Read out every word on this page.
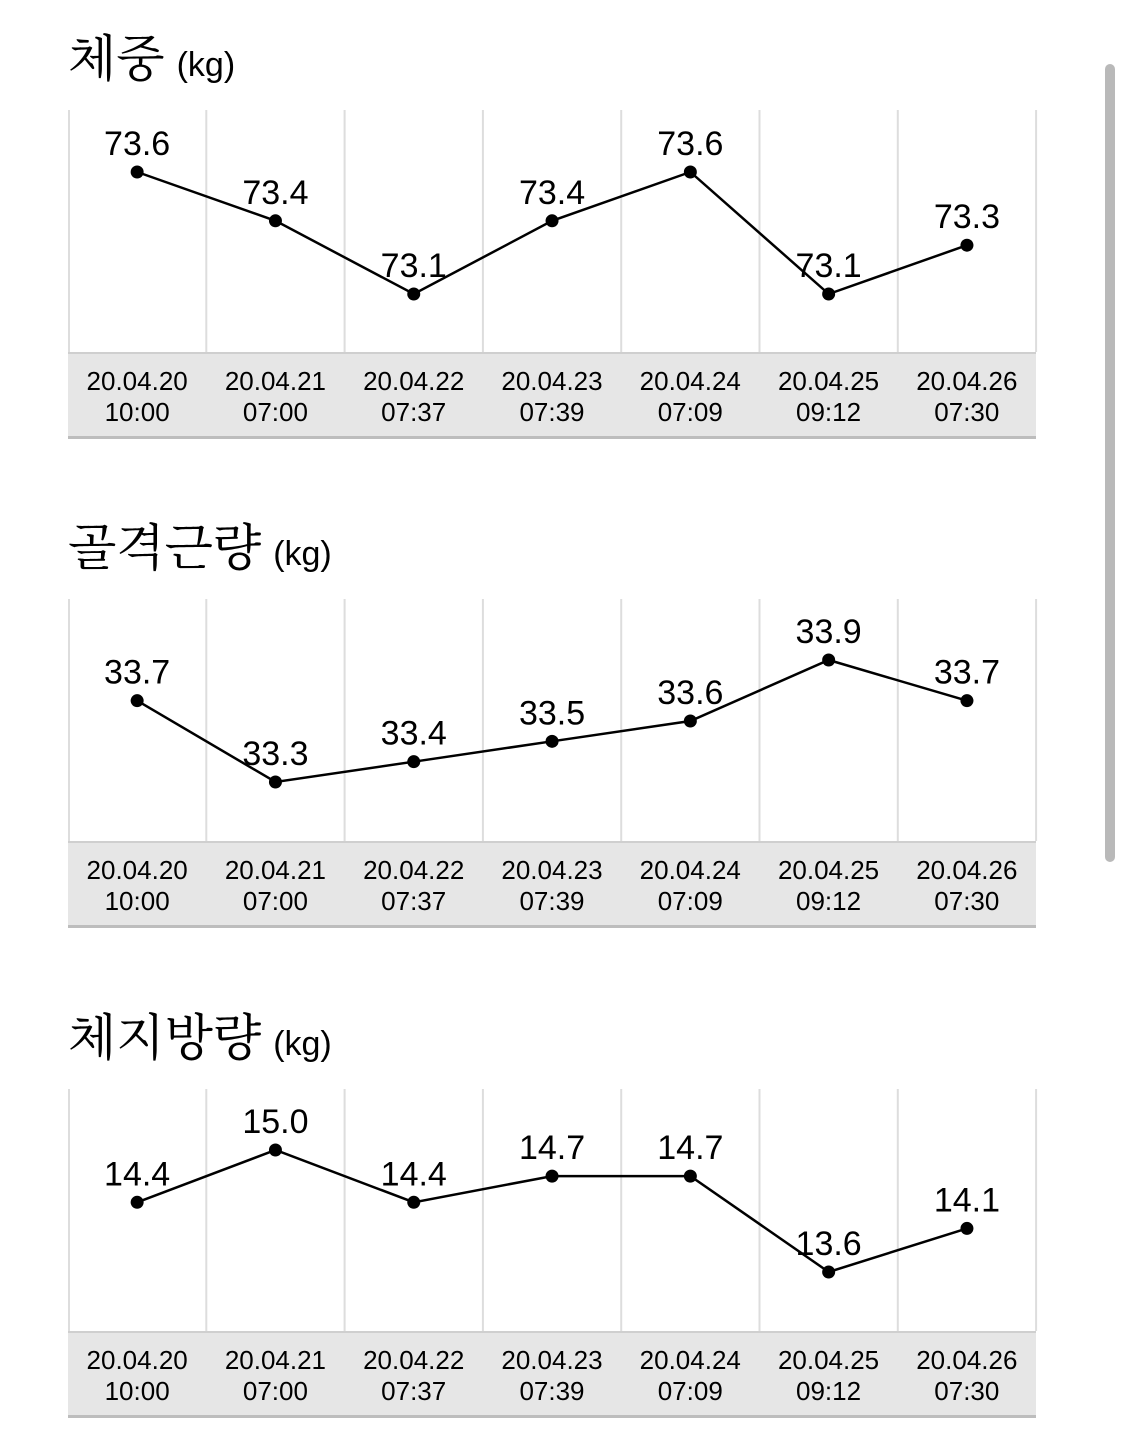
체중 (kg)
73.6
73.4
73.1
73.4
73.6
73.1
73.3
20.04.20
10:00
20.04.21
07:00
20.04.22
07:37
20.04.23
07:39
20.04.24
07:09
20.04.25
09:12
20.04.26
07:30
골격근량 (kg)
33.7
33.3
33.4
33.5
33.6
33.9
33.7
20.04.20
10:00
20.04.21
07:00
20.04.22
07:37
20.04.23
07:39
20.04.24
07:09
20.04.25
09:12
20.04.26
07:30
체지방량 (kg)
14.4
15.0
14.4
14.7 14.7
13.6
14.1
20.04.20
10:00
20.04.21
07:00
20.04.22
07:37
20.04.23
07:39
20.04.24
07:09
20.04.25
09:12
20.04.26
07:30
